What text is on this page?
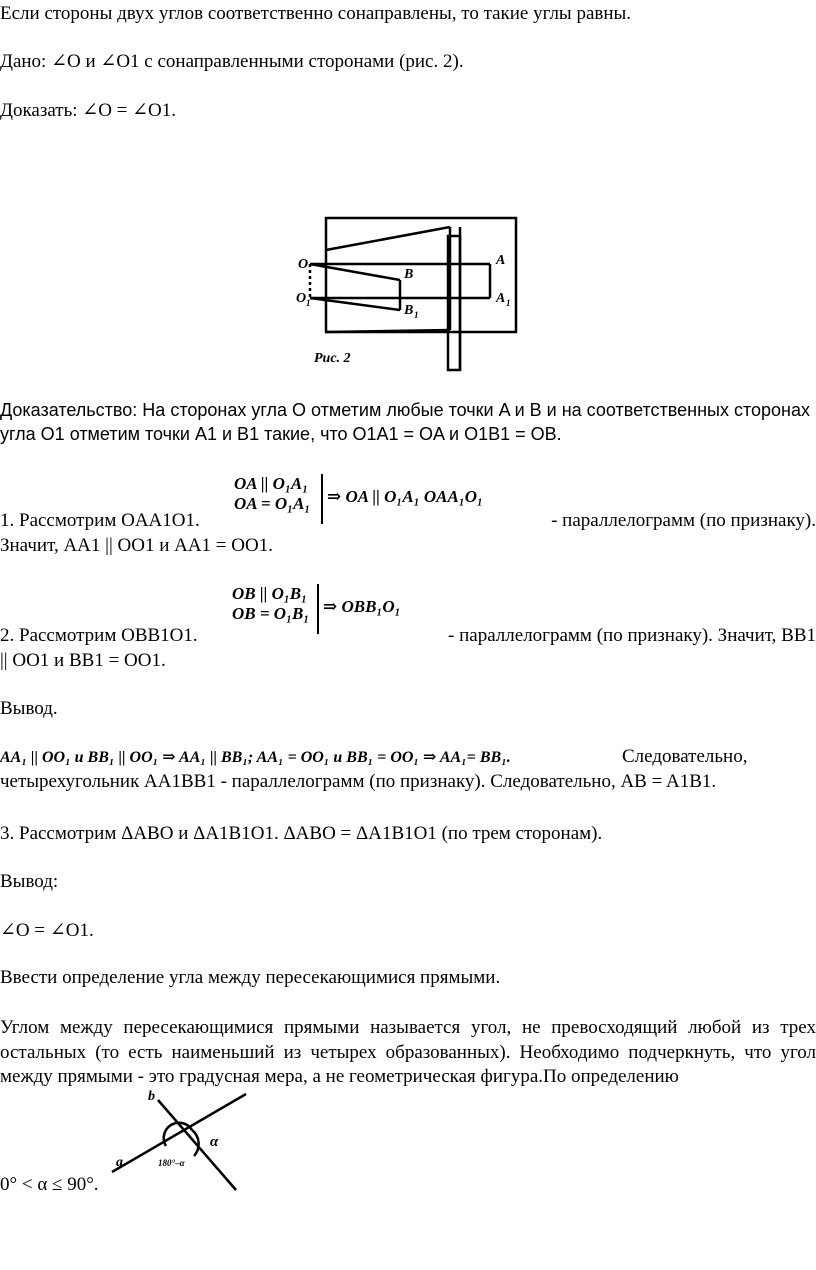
Если стороны двух углов соответственно сонаправлены, то такие углы равны.

Дано: ∠O и ∠O1 с сонаправленными сторонами (рис. 2).

Доказать: ∠O = ∠O1.

O
O 1
A
A 1
B
B 1
Рис. 2

Доказательство: На сторонах угла O отметим любые точки A и B и на соответственных сторонах угла O1 отметим точки A1 и B1 такие, что O1A1 = OA и O1B1 = OB.

OA || O₁A₁
OA = O₁A₁ ⇒ OA || O₁A₁ OAA₁O₁

1. Рассмотрим OAA1O1.	- параллелограмм (по признаку).

Значит, AA1 || OO1 и AA1 = OO1.

OB || O₁B₁
OB = O₁B₁ ⇒ OBB₁O₁

2. Рассмотрим OBB1O1.	- параллелограмм (по признаку). Значит, BB1

|| OO1 и BB1 = OO1.

Вывод.

AA₁ || OO₁ и BB₁ || OO₁ ⇒ AA₁ || BB₁; AA₁ = OO₁ и BB₁ = OO₁ ⇒ AA₁= BB₁.	Следовательно,

четырехугольник AA1BB1 - параллелограмм (по признаку). Следовательно, AB = A1B1.

3. Рассмотрим ΔABO и ΔA1B1O1. ΔABO = ΔA1B1O1 (по трем сторонам).

Вывод:

∠O = ∠O1.

Ввести определение угла между пересекающимися прямыми.

Углом между пересекающимися прямыми называется угол, не превосходящий любой из трех остальных (то есть наименьший из четырех образованных). Необходимо подчеркнуть, что угол между прямыми - это градусная мера, а не геометрическая фигура.По определению

a
b
α
180°–α

0° < α ≤ 90°.
